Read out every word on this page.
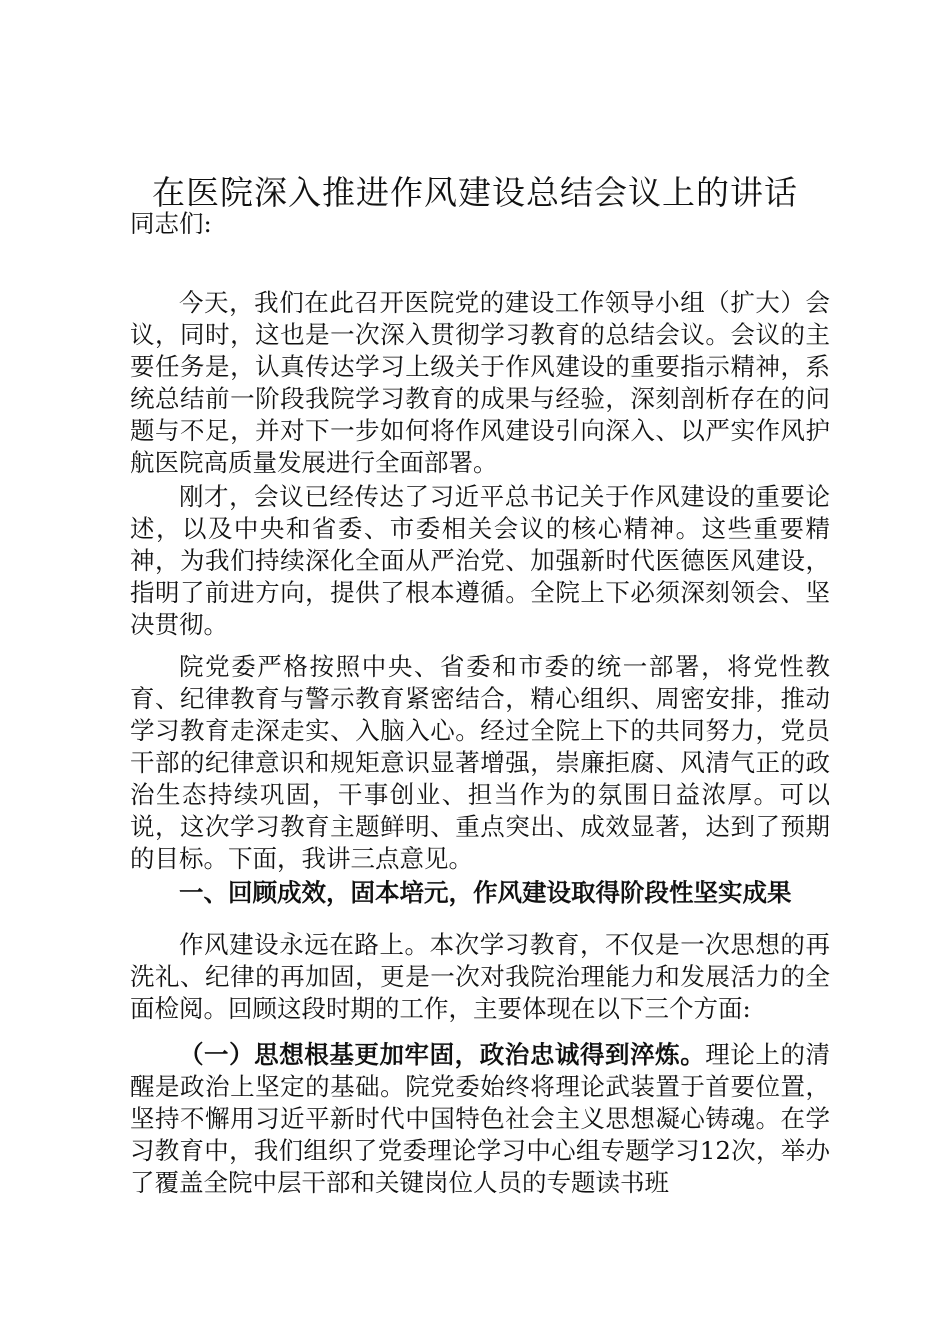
在医院深入推进作风建设总结会议上的讲话

同志们:

今天，我们在此召开医院党的建设工作领导小组（扩大）会议，同时，这也是一次深入贯彻学习教育的总结会议。会议的主要任务是，认真传达学习上级关于作风建设的重要指示精神，系统总结前一阶段我院学习教育的成果与经验，深刻剖析存在的问题与不足，并对下一步如何将作风建设引向深入、以严实作风护航医院高质量发展进行全面部署。

刚才，会议已经传达了习近平总书记关于作风建设的重要论述，以及中央和省委、市委相关会议的核心精神。这些重要精神，为我们持续深化全面从严治党、加强新时代医德医风建设，指明了前进方向，提供了根本遵循。全院上下必须深刻领会、坚决贯彻。

院党委严格按照中央、省委和市委的统一部署，将党性教育、纪律教育与警示教育紧密结合，精心组织、周密安排，推动学习教育走深走实、入脑入心。经过全院上下的共同努力，党员干部的纪律意识和规矩意识显著增强，崇廉拒腐、风清气正的政治生态持续巩固，干事创业、担当作为的氛围日益浓厚。可以说，这次学习教育主题鲜明、重点突出、成效显著，达到了预期的目标。下面，我讲三点意见。

一、回顾成效，固本培元，作风建设取得阶段性坚实成果

作风建设永远在路上。本次学习教育，不仅是一次思想的再洗礼、纪律的再加固，更是一次对我院治理能力和发展活力的全面检阅。回顾这段时期的工作，主要体现在以下三个方面:

（一）思想根基更加牢固，政治忠诚得到淬炼。理论上的清醒是政治上坚定的基础。院党委始终将理论武装置于首要位置，坚持不懈用习近平新时代中国特色社会主义思想凝心铸魂。在学习教育中，我们组织了党委理论学习中心组专题学习12次，举办了覆盖全院中层干部和关键岗位人员的专题读书班
